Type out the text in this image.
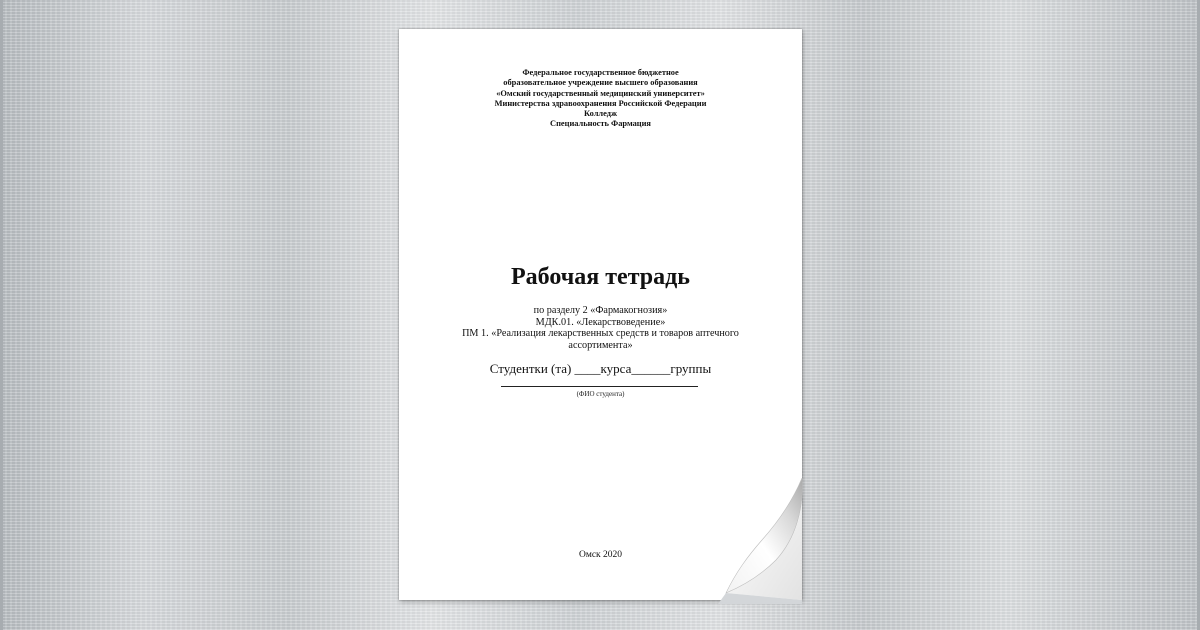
Федеральное государственное бюджетное
образовательное учреждение высшего образования
«Омский государственный медицинский университет»
Министерства здравоохранения Российской Федерации
Колледж
Специальность Фармация
Рабочая тетрадь
по разделу 2 «Фармакогнозия»
МДК.01. «Лекарствоведение»
ПМ 1. «Реализация лекарственных средств и товаров аптечного
ассортимента»
Студентки (та) ____курса______группы
(ФИО студента)
Омск 2020
